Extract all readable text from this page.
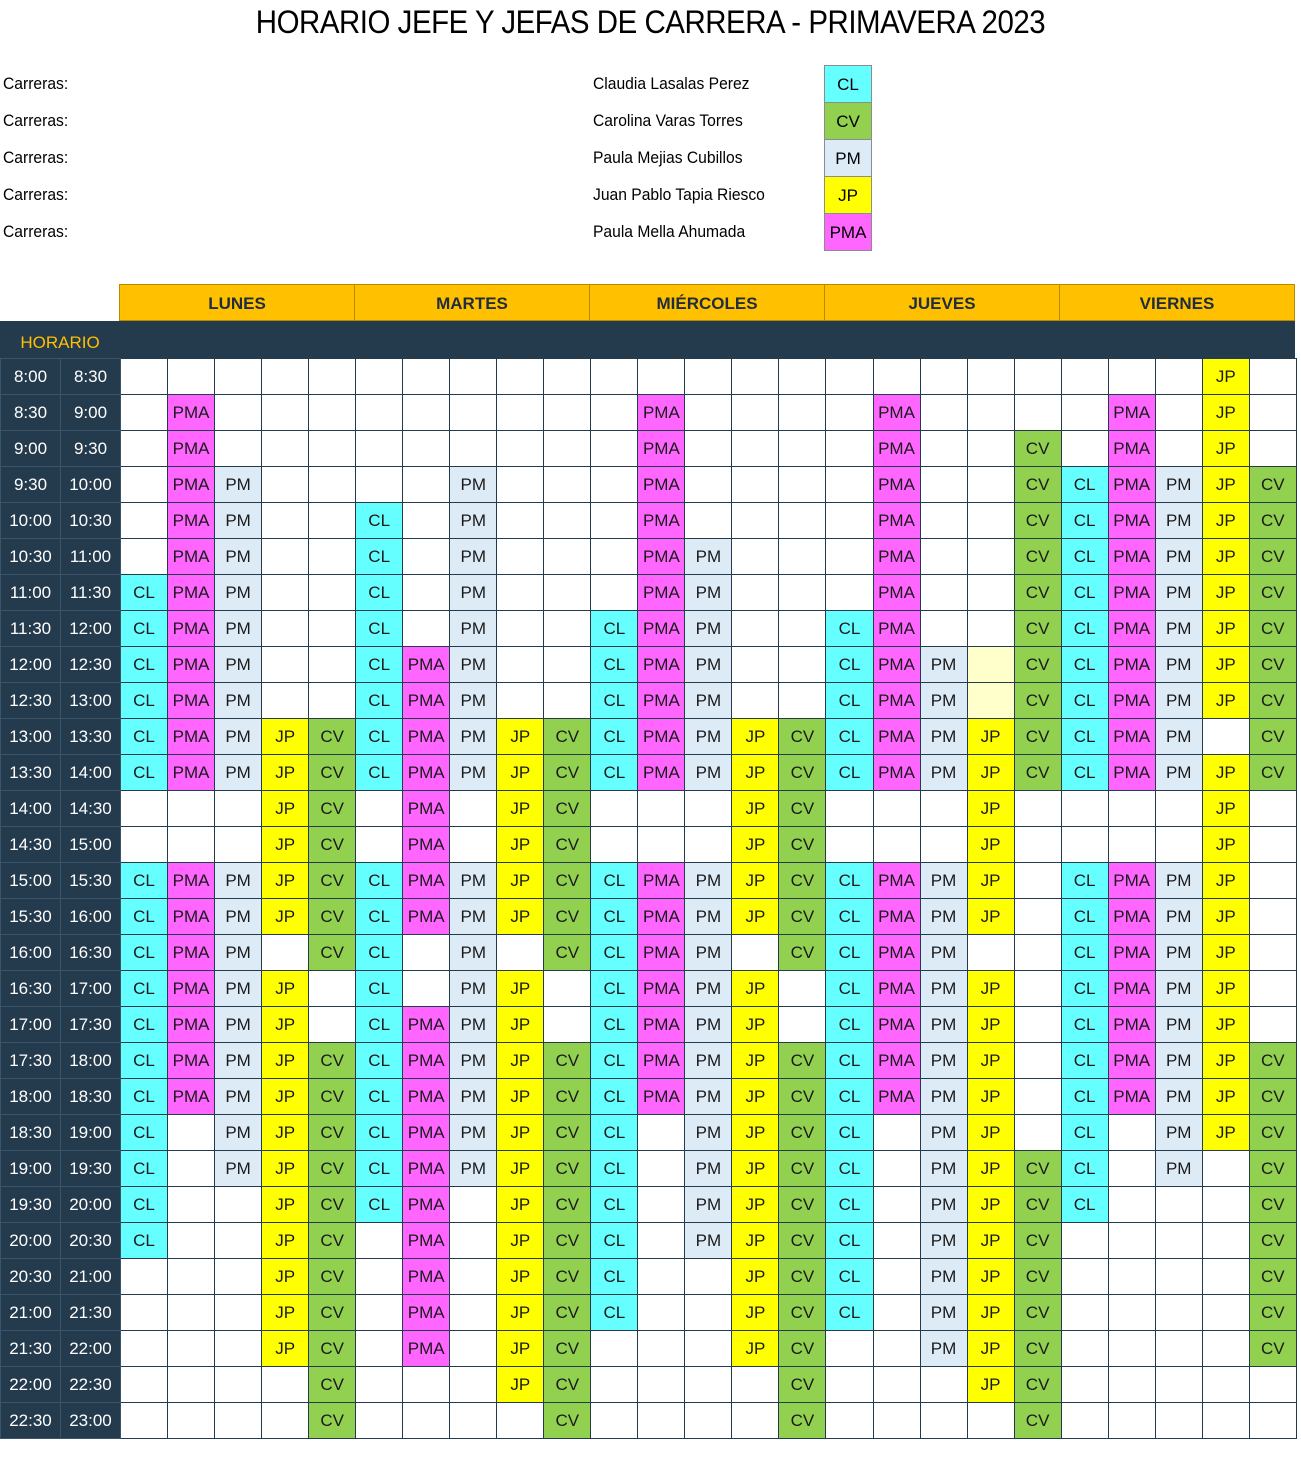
HORARIO JEFE Y JEFAS DE CARRERA - PRIMAVERA 2023
Carreras:
Carreras:
Carreras:
Carreras:
Carreras:
Claudia Lasalas Perez	CL
Carolina Varas Torres	CV
Paula Mejias Cubillos	PM
Juan Pablo Tapia Riesco	JP
Paula Mella Ahumada	PMA
LUNES	MARTES	MIÉRCOLES	JUEVES	VIERNES
HORARIO
8:00	8:30																								JP	
8:30	9:00		PMA										PMA					PMA					PMA		JP	
9:00	9:30		PMA										PMA					PMA			CV		PMA		JP	
9:30	10:00		PMA	PM					PM				PMA					PMA			CV	CL	PMA	PM	JP	CV
10:00	10:30		PMA	PM			CL		PM				PMA					PMA			CV	CL	PMA	PM	JP	CV
10:30	11:00		PMA	PM			CL		PM				PMA	PM				PMA			CV	CL	PMA	PM	JP	CV
11:00	11:30	CL	PMA	PM			CL		PM				PMA	PM				PMA			CV	CL	PMA	PM	JP	CV
11:30	12:00	CL	PMA	PM			CL		PM			CL	PMA	PM			CL	PMA			CV	CL	PMA	PM	JP	CV
12:00	12:30	CL	PMA	PM			CL	PMA	PM			CL	PMA	PM			CL	PMA	PM		CV	CL	PMA	PM	JP	CV
12:30	13:00	CL	PMA	PM			CL	PMA	PM			CL	PMA	PM			CL	PMA	PM		CV	CL	PMA	PM	JP	CV
13:00	13:30	CL	PMA	PM	JP	CV	CL	PMA	PM	JP	CV	CL	PMA	PM	JP	CV	CL	PMA	PM	JP	CV	CL	PMA	PM		CV
13:30	14:00	CL	PMA	PM	JP	CV	CL	PMA	PM	JP	CV	CL	PMA	PM	JP	CV	CL	PMA	PM	JP	CV	CL	PMA	PM	JP	CV
14:00	14:30				JP	CV		PMA		JP	CV				JP	CV				JP					JP	
14:30	15:00				JP	CV		PMA		JP	CV				JP	CV				JP					JP	
15:00	15:30	CL	PMA	PM	JP	CV	CL	PMA	PM	JP	CV	CL	PMA	PM	JP	CV	CL	PMA	PM	JP		CL	PMA	PM	JP	
15:30	16:00	CL	PMA	PM	JP	CV	CL	PMA	PM	JP	CV	CL	PMA	PM	JP	CV	CL	PMA	PM	JP		CL	PMA	PM	JP	
16:00	16:30	CL	PMA	PM		CV	CL		PM		CV	CL	PMA	PM		CV	CL	PMA	PM			CL	PMA	PM	JP	
16:30	17:00	CL	PMA	PM	JP		CL		PM	JP		CL	PMA	PM	JP		CL	PMA	PM	JP		CL	PMA	PM	JP	
17:00	17:30	CL	PMA	PM	JP		CL	PMA	PM	JP		CL	PMA	PM	JP		CL	PMA	PM	JP		CL	PMA	PM	JP	
17:30	18:00	CL	PMA	PM	JP	CV	CL	PMA	PM	JP	CV	CL	PMA	PM	JP	CV	CL	PMA	PM	JP		CL	PMA	PM	JP	CV
18:00	18:30	CL	PMA	PM	JP	CV	CL	PMA	PM	JP	CV	CL	PMA	PM	JP	CV	CL	PMA	PM	JP		CL	PMA	PM	JP	CV
18:30	19:00	CL		PM	JP	CV	CL	PMA	PM	JP	CV	CL		PM	JP	CV	CL		PM	JP		CL		PM	JP	CV
19:00	19:30	CL		PM	JP	CV	CL	PMA	PM	JP	CV	CL		PM	JP	CV	CL		PM	JP	CV	CL		PM		CV
19:30	20:00	CL			JP	CV	CL	PMA		JP	CV	CL		PM	JP	CV	CL		PM	JP	CV	CL				CV
20:00	20:30	CL			JP	CV		PMA		JP	CV	CL		PM	JP	CV	CL		PM	JP	CV					CV
20:30	21:00				JP	CV		PMA		JP	CV	CL			JP	CV	CL		PM	JP	CV					CV
21:00	21:30				JP	CV		PMA		JP	CV	CL			JP	CV	CL		PM	JP	CV					CV
21:30	22:00				JP	CV		PMA		JP	CV				JP	CV			PM	JP	CV					CV
22:00	22:30					CV				JP	CV					CV				JP	CV					
22:30	23:00					CV					CV					CV					CV					
